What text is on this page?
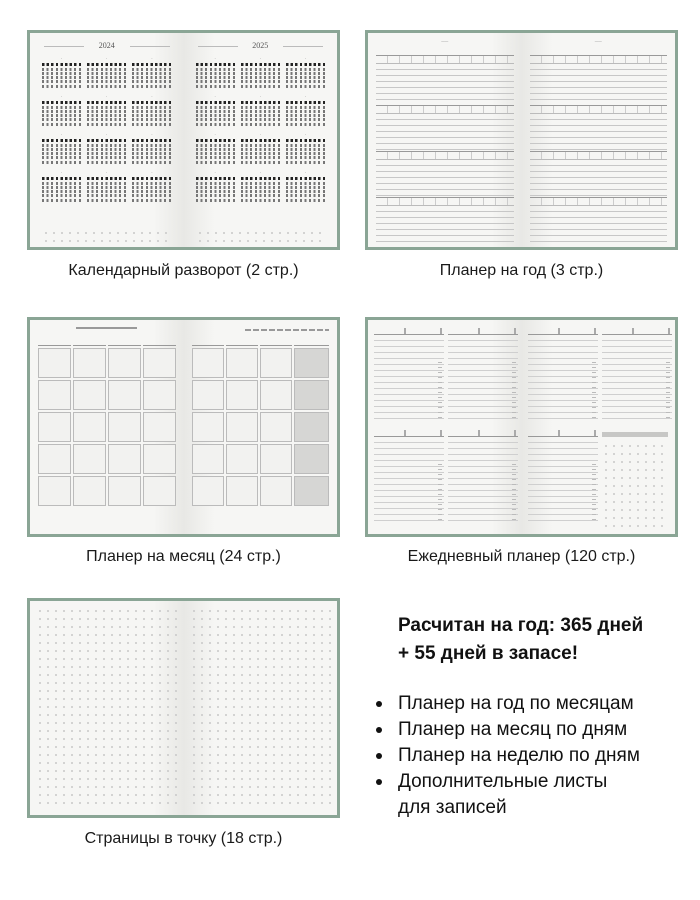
2024
·	·	·
·	·	·
·	·	·
·	·	·
2025
·	·	·
·	·	·
·	·	·
·	·	·
Календарный разворот (2 стр.)
——	——
Планер на год (3 стр.)
Планер на месяц (24 стр.)	Ежедневный планер (120 стр.)
Страницы в точку (18 стр.)
Расчитан на год: 365 дней
+ 55 дней в запасе!
Планер на год по месяцам
Планер на месяц по дням
Планер на неделю по дням
Дополнительные листы
для записей
